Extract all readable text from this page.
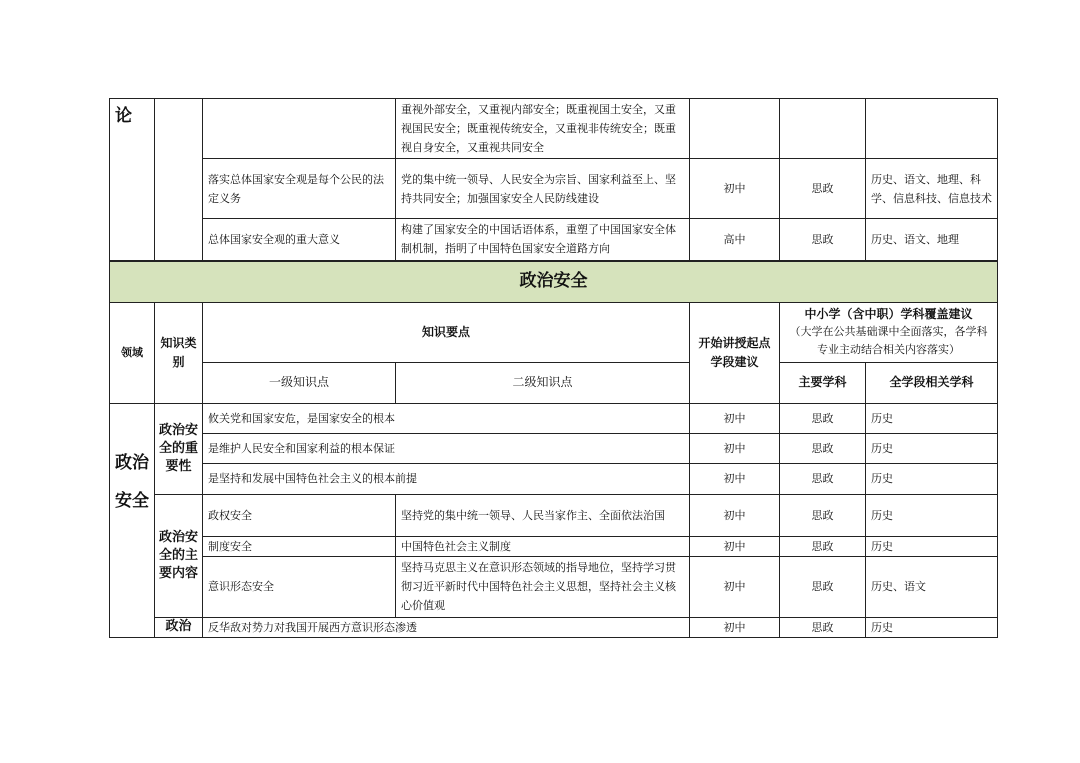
论			重视外部安全，又重视内部安全；既重视国土安全，又重视国民安全；既重视传统安全，又重视非传统安全；既重视自身安全，又重视共同安全			
		落实总体国家安全观是每个公民的法定义务	党的集中统一领导、人民安全为宗旨、国家利益至上、坚持共同安全；加强国家安全人民防线建设	初中	思政	历史、语文、地理、科学、信息科技、信息技术
		总体国家安全观的重大意义	构建了国家安全的中国话语体系，重塑了中国国家安全体制机制，指明了中国特色国家安全道路方向	高中	思政	历史、语文、地理
政治安全						
领域	知识类别	知识要点		开始讲授起点学段建议	中小学（含中职）学科覆盖建议
（大学在公共基础课中全面落实，各学科专业主动结合相关内容落实）	

		一级知识点	二级知识点		主要学科	全学段相关学科
政治安全	政治安全的重要性	攸关党和国家安危，是国家安全的根本		初中	思政	历史
		是维护人民安全和国家利益的根本保证		初中	思政	历史
		是坚持和发展中国特色社会主义的根本前提		初中	思政	历史
	政治安全的主要内容	政权安全	坚持党的集中统一领导、人民当家作主、全面依法治国	初中	思政	历史
		制度安全	中国特色社会主义制度	初中	思政	历史
		意识形态安全	坚持马克思主义在意识形态领域的指导地位，坚持学习贯彻习近平新时代中国特色社会主义思想，坚持社会主义核心价值观	初中	思政	历史、语文
	政治	反华敌对势力对我国开展西方意识形态渗透		初中	思政	历史
